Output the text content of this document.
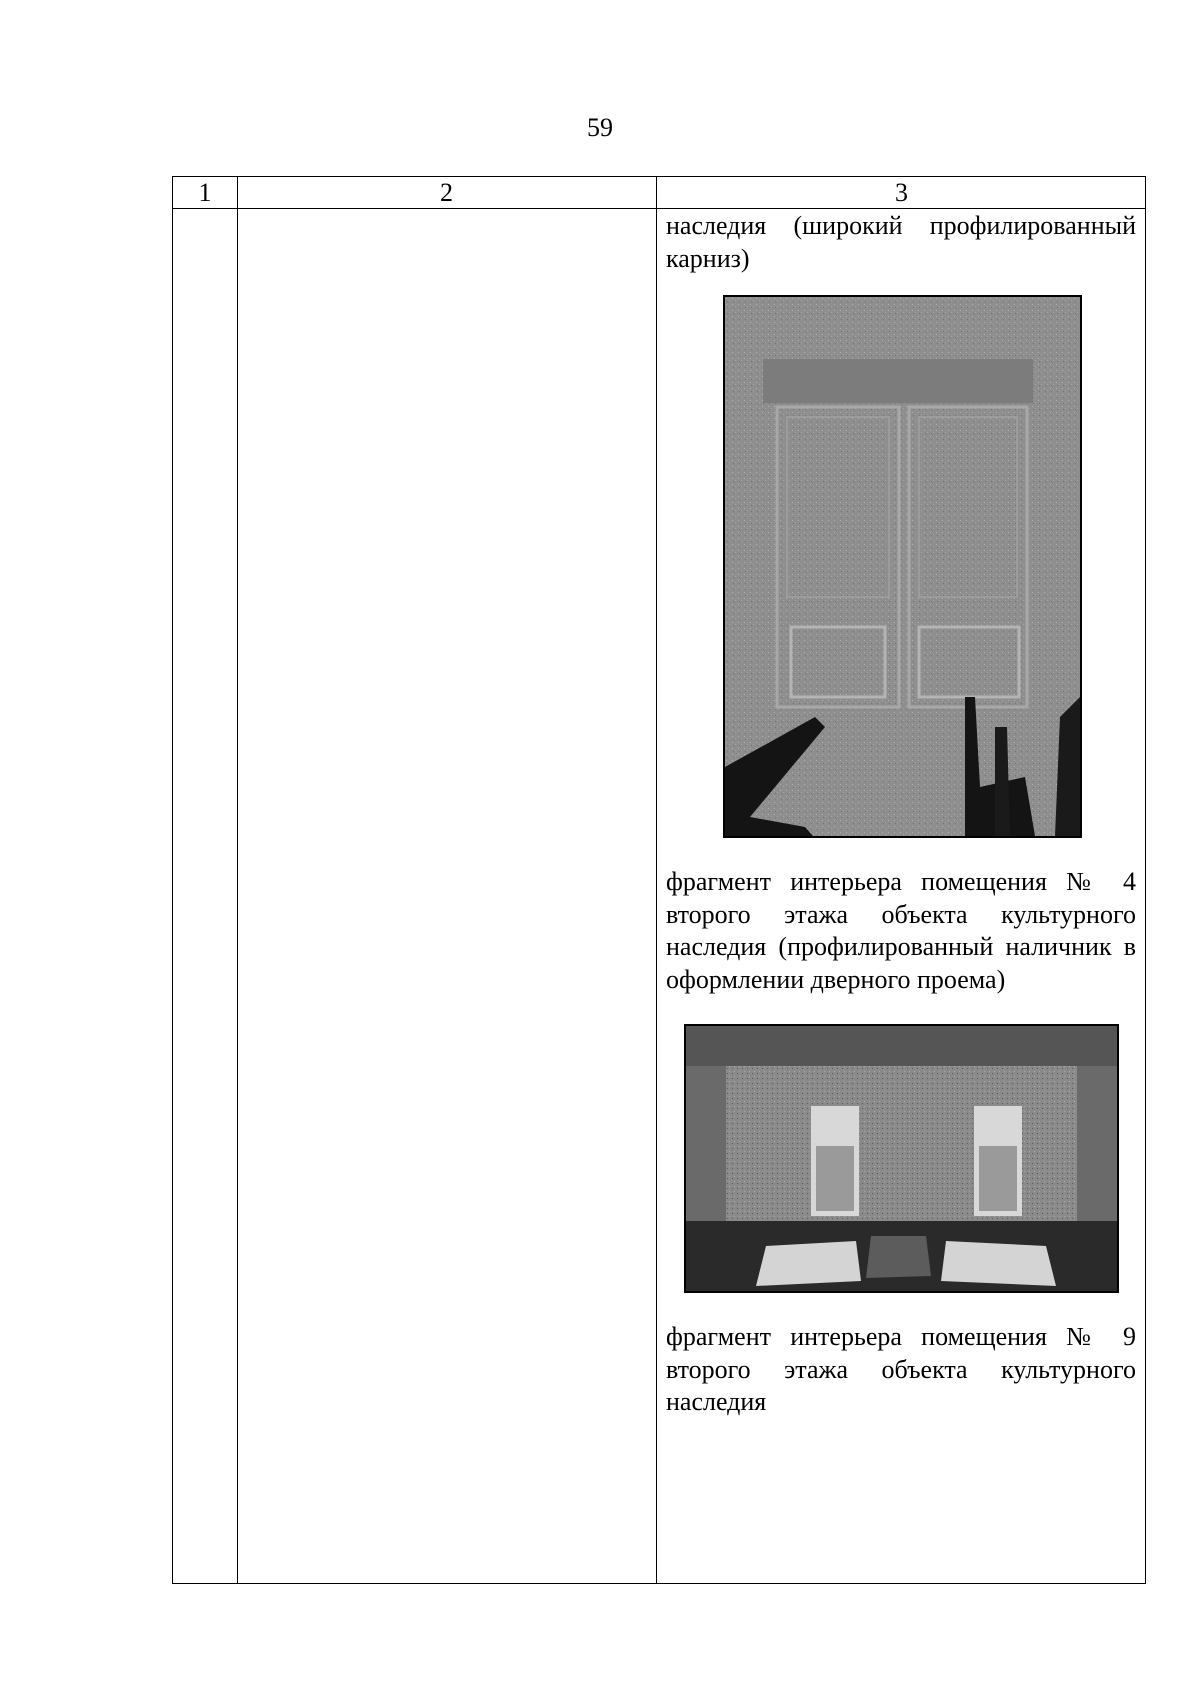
59
1	2	3

наследия (широкий профилированный карниз)

фрагмент интерьера помещения № 4 второго этажа объекта культурного наследия (профилированный наличник в оформлении дверного проема)

фрагмент интерьера помещения № 9 второго этажа объекта культурного наследия
